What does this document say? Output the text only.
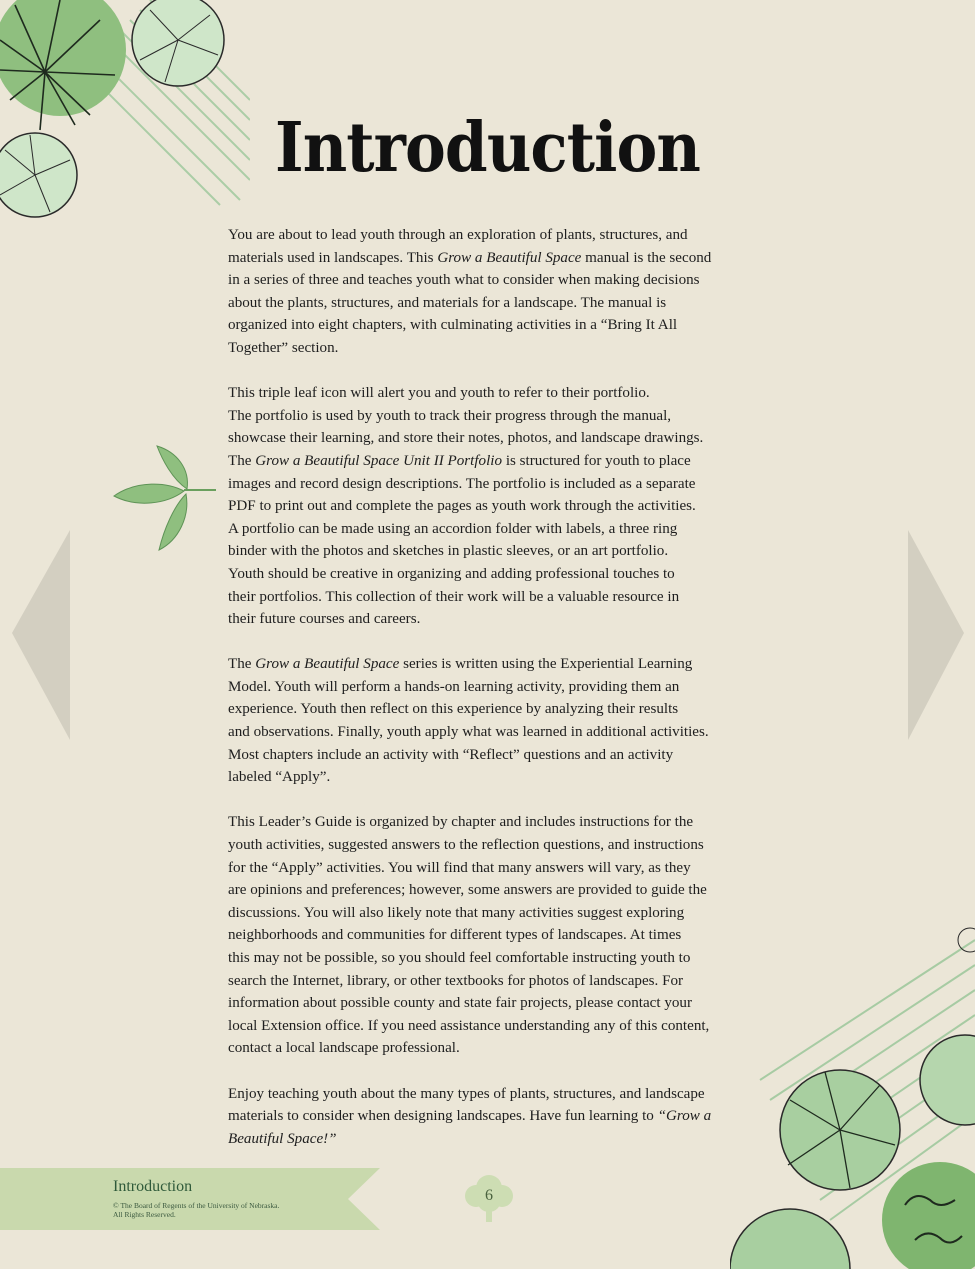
Introduction

You are about to lead youth through an exploration of plants, structures, and
materials used in landscapes. This Grow a Beautiful Space manual is the second
in a series of three and teaches youth what to consider when making decisions
about the plants, structures, and materials for a landscape. The manual is
organized into eight chapters, with culminating activities in a “Bring It All
Together” section.

This triple leaf icon will alert you and youth to refer to their portfolio.
The portfolio is used by youth to track their progress through the manual,
showcase their learning, and store their notes, photos, and landscape drawings.
The Grow a Beautiful Space Unit II Portfolio is structured for youth to place
images and record design descriptions. The portfolio is included as a separate
PDF to print out and complete the pages as youth work through the activities.
A portfolio can be made using an accordion folder with labels, a three ring
binder with the photos and sketches in plastic sleeves, or an art portfolio.
Youth should be creative in organizing and adding professional touches to
their portfolios. This collection of their work will be a valuable resource in
their future courses and careers.

The Grow a Beautiful Space series is written using the Experiential Learning
Model. Youth will perform a hands-on learning activity, providing them an
experience. Youth then reflect on this experience by analyzing their results
and observations. Finally, youth apply what was learned in additional activities.
Most chapters include an activity with “Reflect” questions and an activity
labeled “Apply”.

This Leader’s Guide is organized by chapter and includes instructions for the
youth activities, suggested answers to the reflection questions, and instructions
for the “Apply” activities. You will find that many answers will vary, as they
are opinions and preferences; however, some answers are provided to guide the
discussions. You will also likely note that many activities suggest exploring
neighborhoods and communities for different types of landscapes. At times
this may not be possible, so you should feel comfortable instructing youth to
search the Internet, library, or other textbooks for photos of landscapes. For
information about possible county and state fair projects, please contact your
local Extension office. If you need assistance understanding any of this content,
contact a local landscape professional.

Enjoy teaching youth about the many types of plants, structures, and landscape
materials to consider when designing landscapes. Have fun learning to “Grow a
Beautiful Space!”

Introduction
© The Board of Regents of the University of Nebraska.
All Rights Reserved.
6
